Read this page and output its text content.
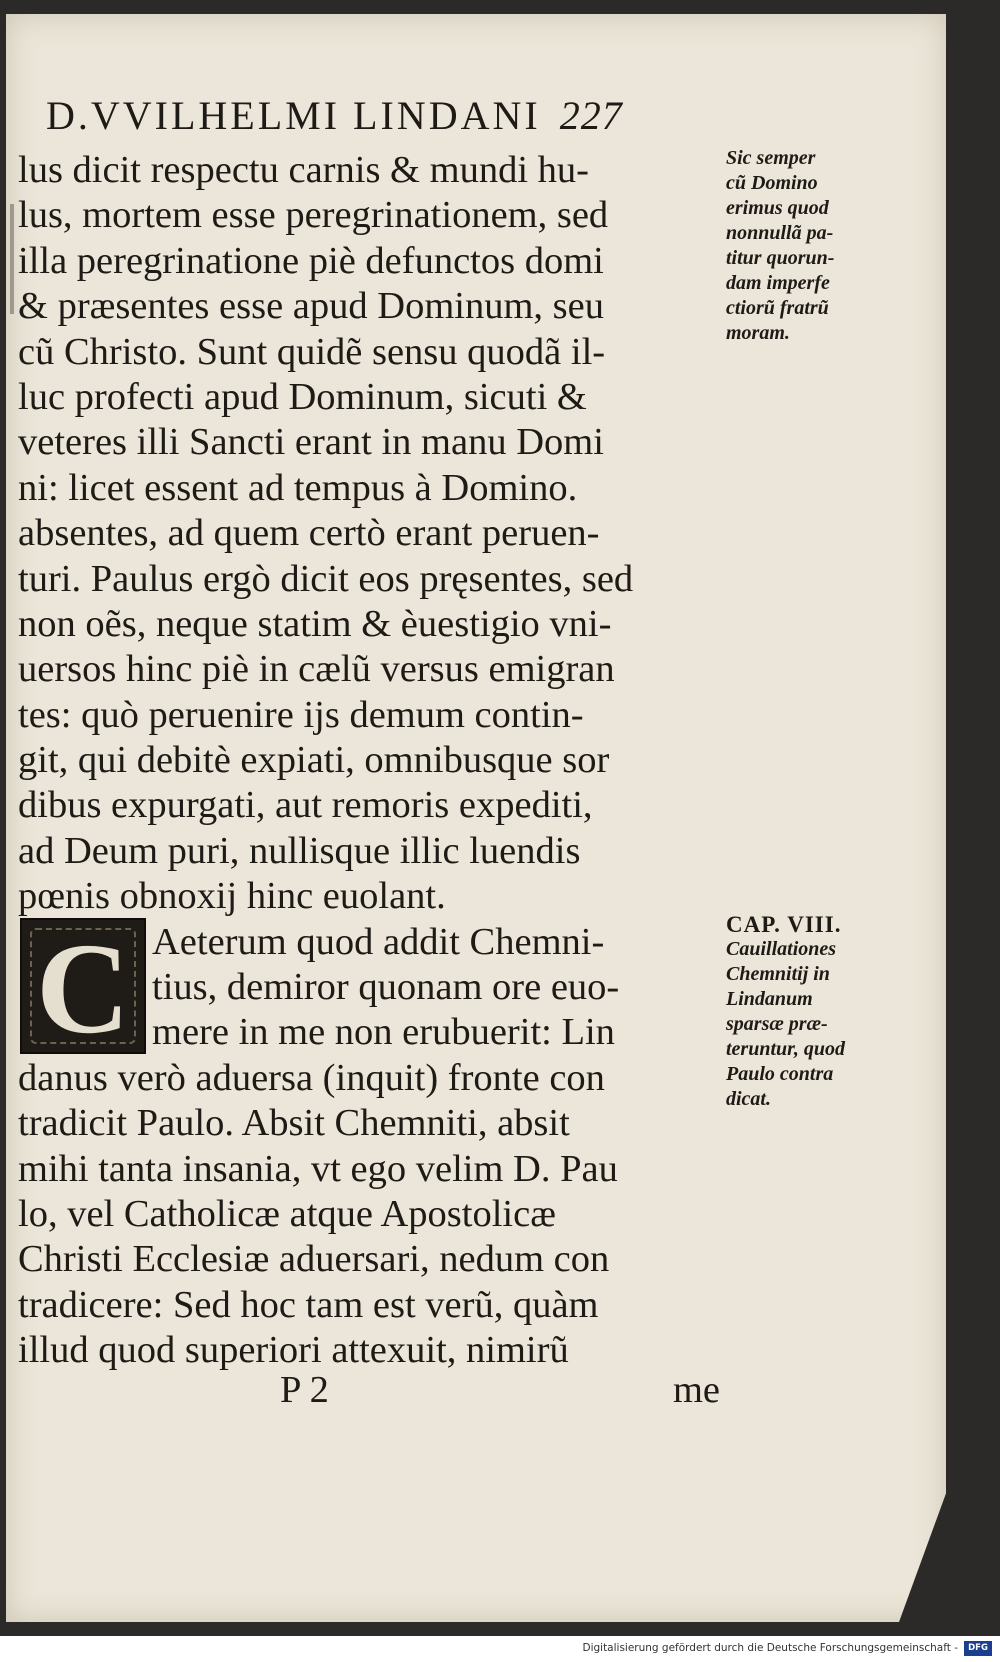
D.VVILHELMI LINDANI 227
lus dicit respectu carnis & mundi hu-
lus, mortem esse peregrinationem, sed
illa peregrinatione piè defunctos domi
& præsentes esse apud Dominum, seu
cũ Christo. Sunt quidẽ sensu quodã il-
luc profecti apud Dominum, sicuti &
veteres illi Sancti erant in manu Domi
ni: licet essent ad tempus à Domino.
absentes, ad quem certò erant peruen-
turi. Paulus ergò dicit eos pręsentes, sed
non oẽs, neque statim & èuestigio vni-
uersos hinc piè in cælũ versus emigran
tes: quò peruenire ijs demum contin-
git, qui debitè expiati, omnibusque sor
dibus expurgati, aut remoris expediti,
ad Deum puri, nullisque illic luendis
pœnis obnoxij hinc euolant.
Aeterum quod addit Chemni-
tius, demiror quonam ore euo-
mere in me non erubuerit: Lin
danus verò aduersa (inquit) fronte con
tradicit Paulo. Absit Chemniti, absit
mihi tanta insania, vt ego velim D. Pau
lo, vel Catholicæ atque Apostolicæ
Christi Ecclesiæ aduersari, nedum con
tradicere: Sed hoc tam est verũ, quàm
illud quod superiori attexuit, nimirũ
C
P 2	me
Sic semper
cũ Domino
erimus quod
nonnullã pa-
titur quorun-
dam imperfe
ctiorũ fratrũ
moram.
CAP. VIII.
Cauillationes
Chemnitij in
Lindanum
sparsæ præ-
teruntur, quod
Paulo contra
dicat.
Digitalisierung gefördert durch die Deutsche Forschungsgemeinschaft -	DFG
